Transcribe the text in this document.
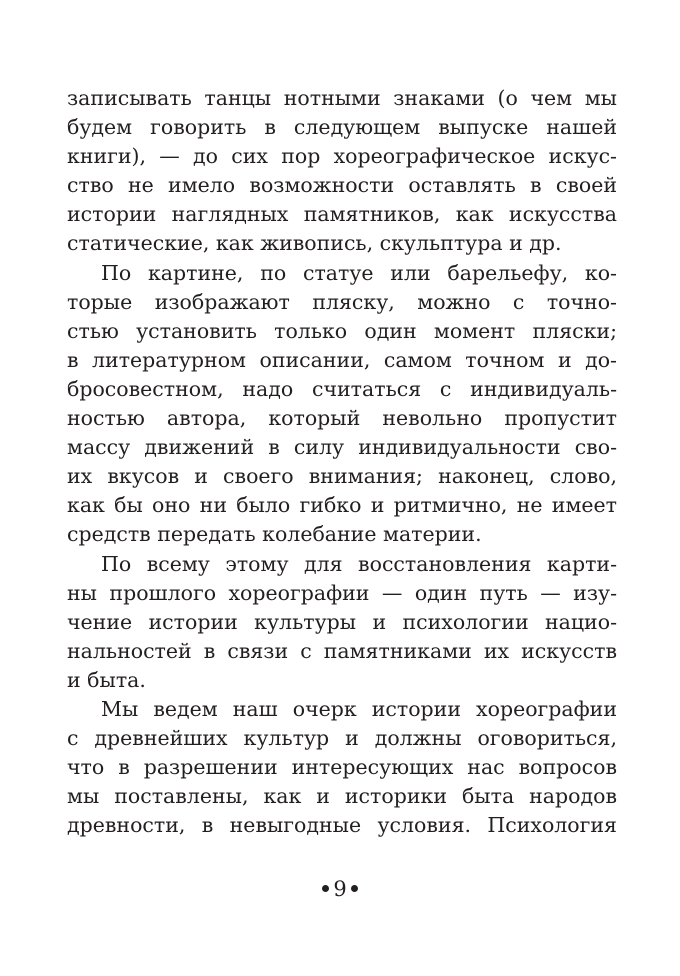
записывать танцы нотными знаками (о чем мы
будем говорить в следующем выпуске нашей
книги), — до сих пор хореографическое искус-
ство не имело возможности оставлять в своей
истории наглядных памятников, как искусства
статические, как живопись, скульптура и др.
По картине, по статуе или барельефу, ко-
торые изображают пляску, можно с точно-
стью установить только один момент пляски;
в литературном описании, самом точном и до-
бросовестном, надо считаться с индивидуаль-
ностью автора, который невольно пропустит
массу движений в силу индивидуальности сво-
их вкусов и своего внимания; наконец, слово,
как бы оно ни было гибко и ритмично, не имеет
средств передать колебание материи.
По всему этому для восстановления карти-
ны прошлого хореографии — один путь — изу-
чение истории культуры и психологии нацио-
нальностей в связи с памятниками их искусств
и быта.
Мы ведем наш очерк истории хореографии
с древнейших культур и должны оговориться,
что в разрешении интересующих нас вопросов
мы поставлены, как и историки быта народов
древности, в невыгодные условия. Психология
9
